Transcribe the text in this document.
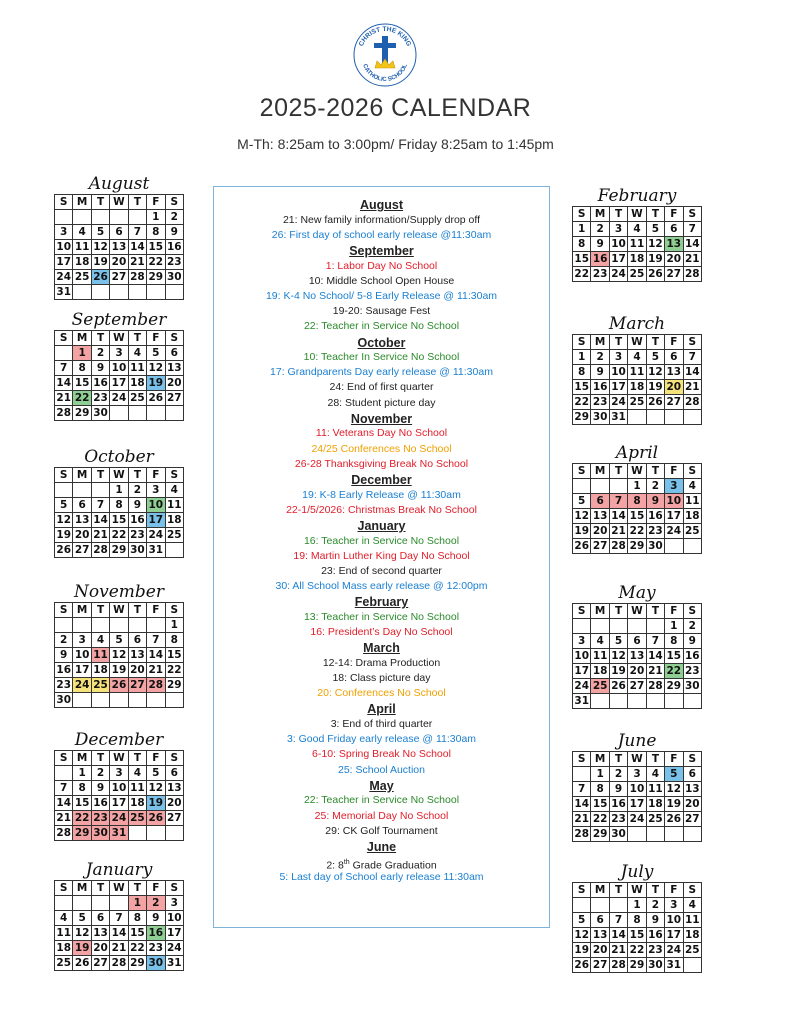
CHRIST THE KING
CATHOLIC SCHOOL
2025-2026 CALENDAR
M-Th: 8:25am to 3:00pm/ Friday 8:25am to 1:45pm
August
S	M	T	W	T	F	S
					1	2
3	4	5	6	7	8	9
10	11	12	13	14	15	16
17	18	19	20	21	22	23
24	25	26	27	28	29	30
31						
September
S	M	T	W	T	F	S
	1	2	3	4	5	6
7	8	9	10	11	12	13
14	15	16	17	18	19	20
21	22	23	24	25	26	27
28	29	30				
October
S	M	T	W	T	F	S
			1	2	3	4
5	6	7	8	9	10	11
12	13	14	15	16	17	18
19	20	21	22	23	24	25
26	27	28	29	30	31	
November
S	M	T	W	T	F	S
						1
2	3	4	5	6	7	8
9	10	11	12	13	14	15
16	17	18	19	20	21	22
23	24	25	26	27	28	29
30						
December
S	M	T	W	T	F	S
	1	2	3	4	5	6
7	8	9	10	11	12	13
14	15	16	17	18	19	20
21	22	23	24	25	26	27
28	29	30	31			
January
S	M	T	W	T	F	S
				1	2	3
4	5	6	7	8	9	10
11	12	13	14	15	16	17
18	19	20	21	22	23	24
25	26	27	28	29	30	31
February
S	M	T	W	T	F	S
1	2	3	4	5	6	7
8	9	10	11	12	13	14
15	16	17	18	19	20	21
22	23	24	25	26	27	28
March
S	M	T	W	T	F	S
1	2	3	4	5	6	7
8	9	10	11	12	13	14
15	16	17	18	19	20	21
22	23	24	25	26	27	28
29	30	31				
April
S	M	T	W	T	F	S
			1	2	3	4
5	6	7	8	9	10	11
12	13	14	15	16	17	18
19	20	21	22	23	24	25
26	27	28	29	30		
May
S	M	T	W	T	F	S
					1	2
3	4	5	6	7	8	9
10	11	12	13	14	15	16
17	18	19	20	21	22	23
24	25	26	27	28	29	30
31						
June
S	M	T	W	T	F	S
	1	2	3	4	5	6
7	8	9	10	11	12	13
14	15	16	17	18	19	20
21	22	23	24	25	26	27
28	29	30				
July
S	M	T	W	T	F	S
			1	2	3	4
5	6	7	8	9	10	11
12	13	14	15	16	17	18
19	20	21	22	23	24	25
26	27	28	29	30	31	
August
21: New family information/Supply drop off
26: First day of school early release @11:30am
September
1: Labor Day No School
10: Middle School Open House
19: K-4 No School/ 5-8 Early Release @ 11:30am
19-20: Sausage Fest
22: Teacher in Service No School
October
10: Teacher In Service No School
17: Grandparents Day early release @ 11:30am
24: End of first quarter
28: Student picture day
November
11: Veterans Day No School
24/25 Conferences No School
26-28 Thanksgiving Break No School
December
19: K-8 Early Release @ 11:30am
22-1/5/2026: Christmas Break No School
January
16: Teacher in Service No School
19: Martin Luther King Day No School
23: End of second quarter
30: All School Mass early release @ 12:00pm
February
13: Teacher in Service No School
16: President’s Day No School
March
12-14: Drama Production
18: Class picture day
20: Conferences No School
April
3: End of third quarter
3: Good Friday early release @ 11:30am
6-10: Spring Break No School
25: School Auction
May
22: Teacher in Service No School
25: Memorial Day No School
29: CK Golf Tournament
June
2: 8th Grade Graduation
5: Last day of School early release 11:30am
